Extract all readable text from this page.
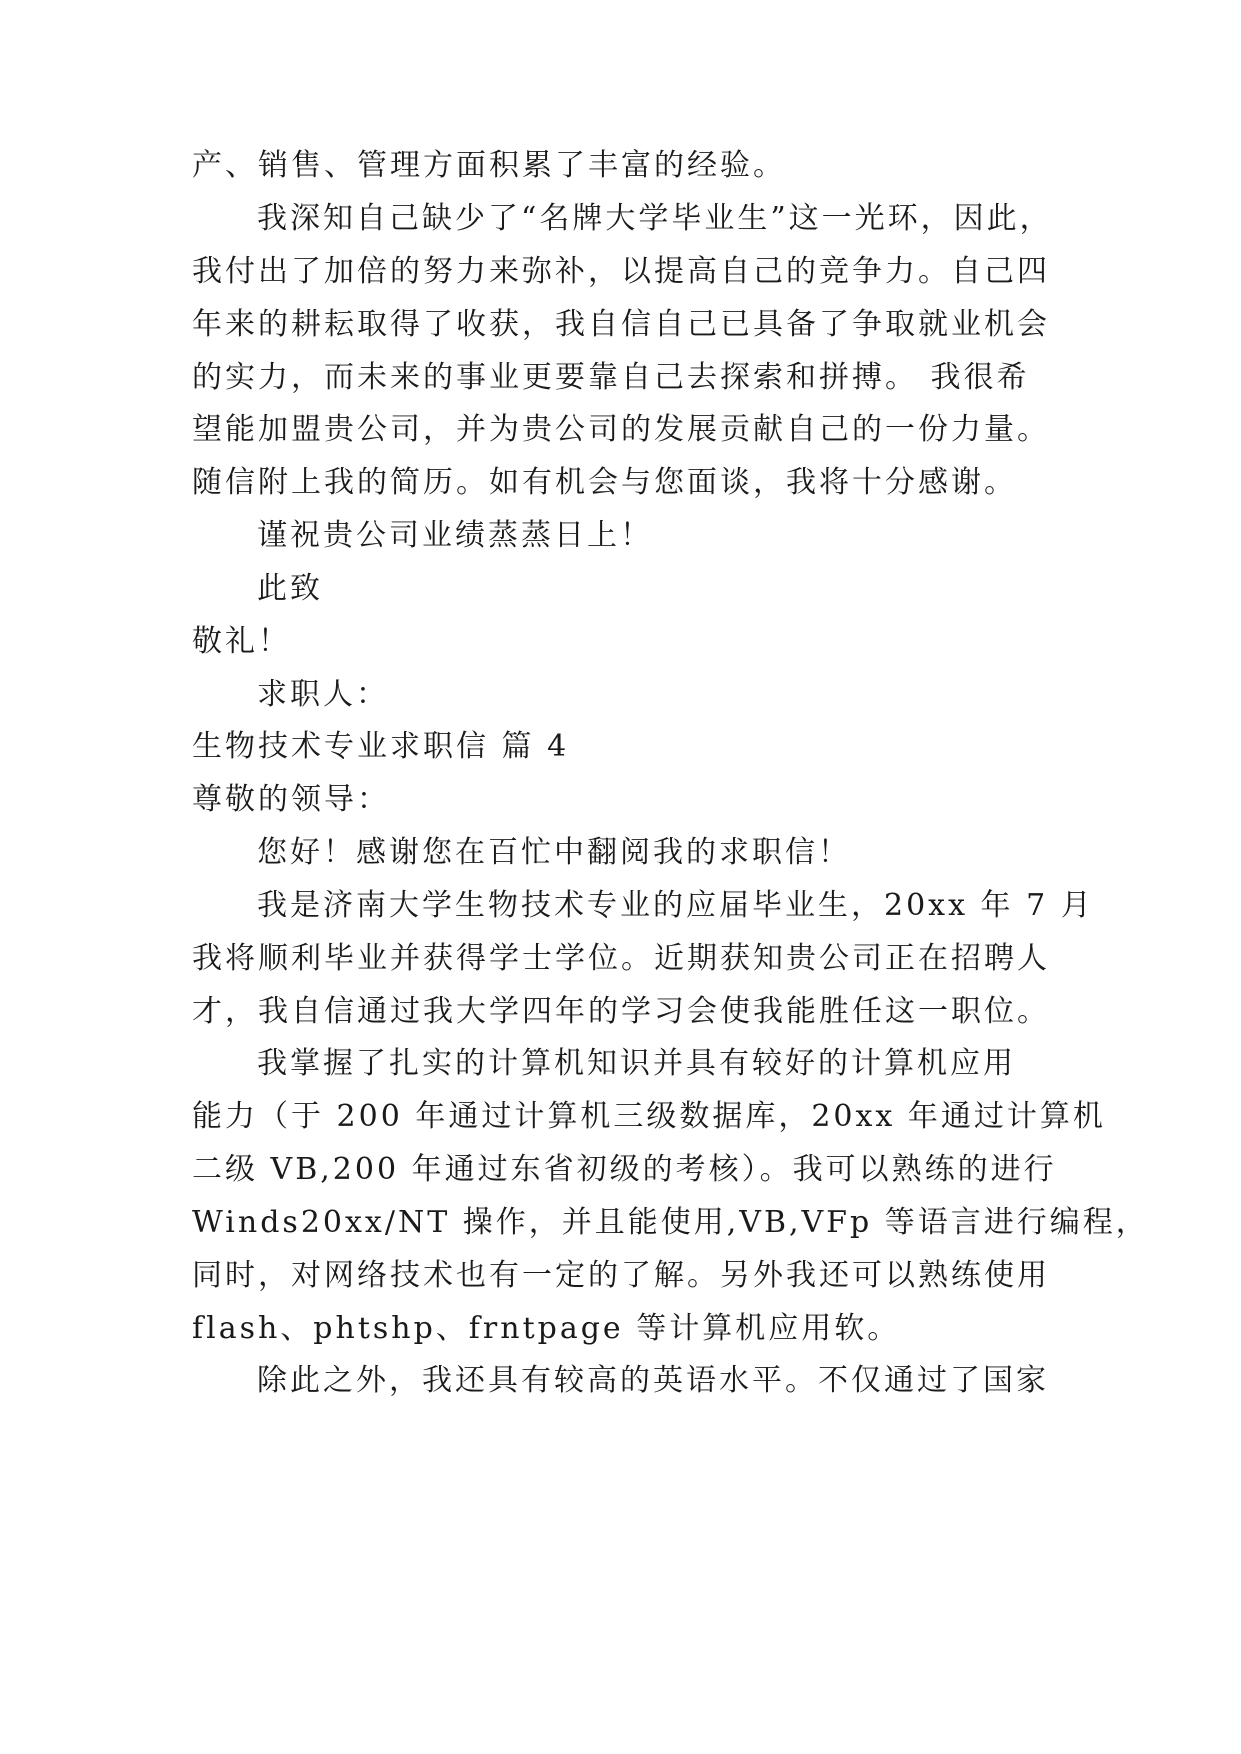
产、销售、管理方面积累了丰富的经验。
我深知自己缺少了“名牌大学毕业生”这一光环，因此，
我付出了加倍的努力来弥补，以提高自己的竞争力。自己四
年来的耕耘取得了收获，我自信自己已具备了争取就业机会
的实力，而未来的事业更要靠自己去探索和拼搏。 我很希
望能加盟贵公司，并为贵公司的发展贡献自己的一份力量。
随信附上我的简历。如有机会与您面谈，我将十分感谢。
谨祝贵公司业绩蒸蒸日上！
此致
敬礼！
求职人：
生物技术专业求职信 篇 4
尊敬的领导：
您好！感谢您在百忙中翻阅我的求职信！
我是济南大学生物技术专业的应届毕业生，20xx 年 7 月
我将顺利毕业并获得学士学位。近期获知贵公司正在招聘人
才，我自信通过我大学四年的学习会使我能胜任这一职位。
我掌握了扎实的计算机知识并具有较好的计算机应用
能力（于 200 年通过计算机三级数据库，20xx 年通过计算机
二级 VB,200 年通过东省初级的考核）。我可以熟练的进行
Winds20xx/NT 操作，并且能使用,VB,VFp 等语言进行编程，
同时，对网络技术也有一定的了解。另外我还可以熟练使用
flash、phtshp、frntpage 等计算机应用软。
除此之外，我还具有较高的英语水平。不仅通过了国家
